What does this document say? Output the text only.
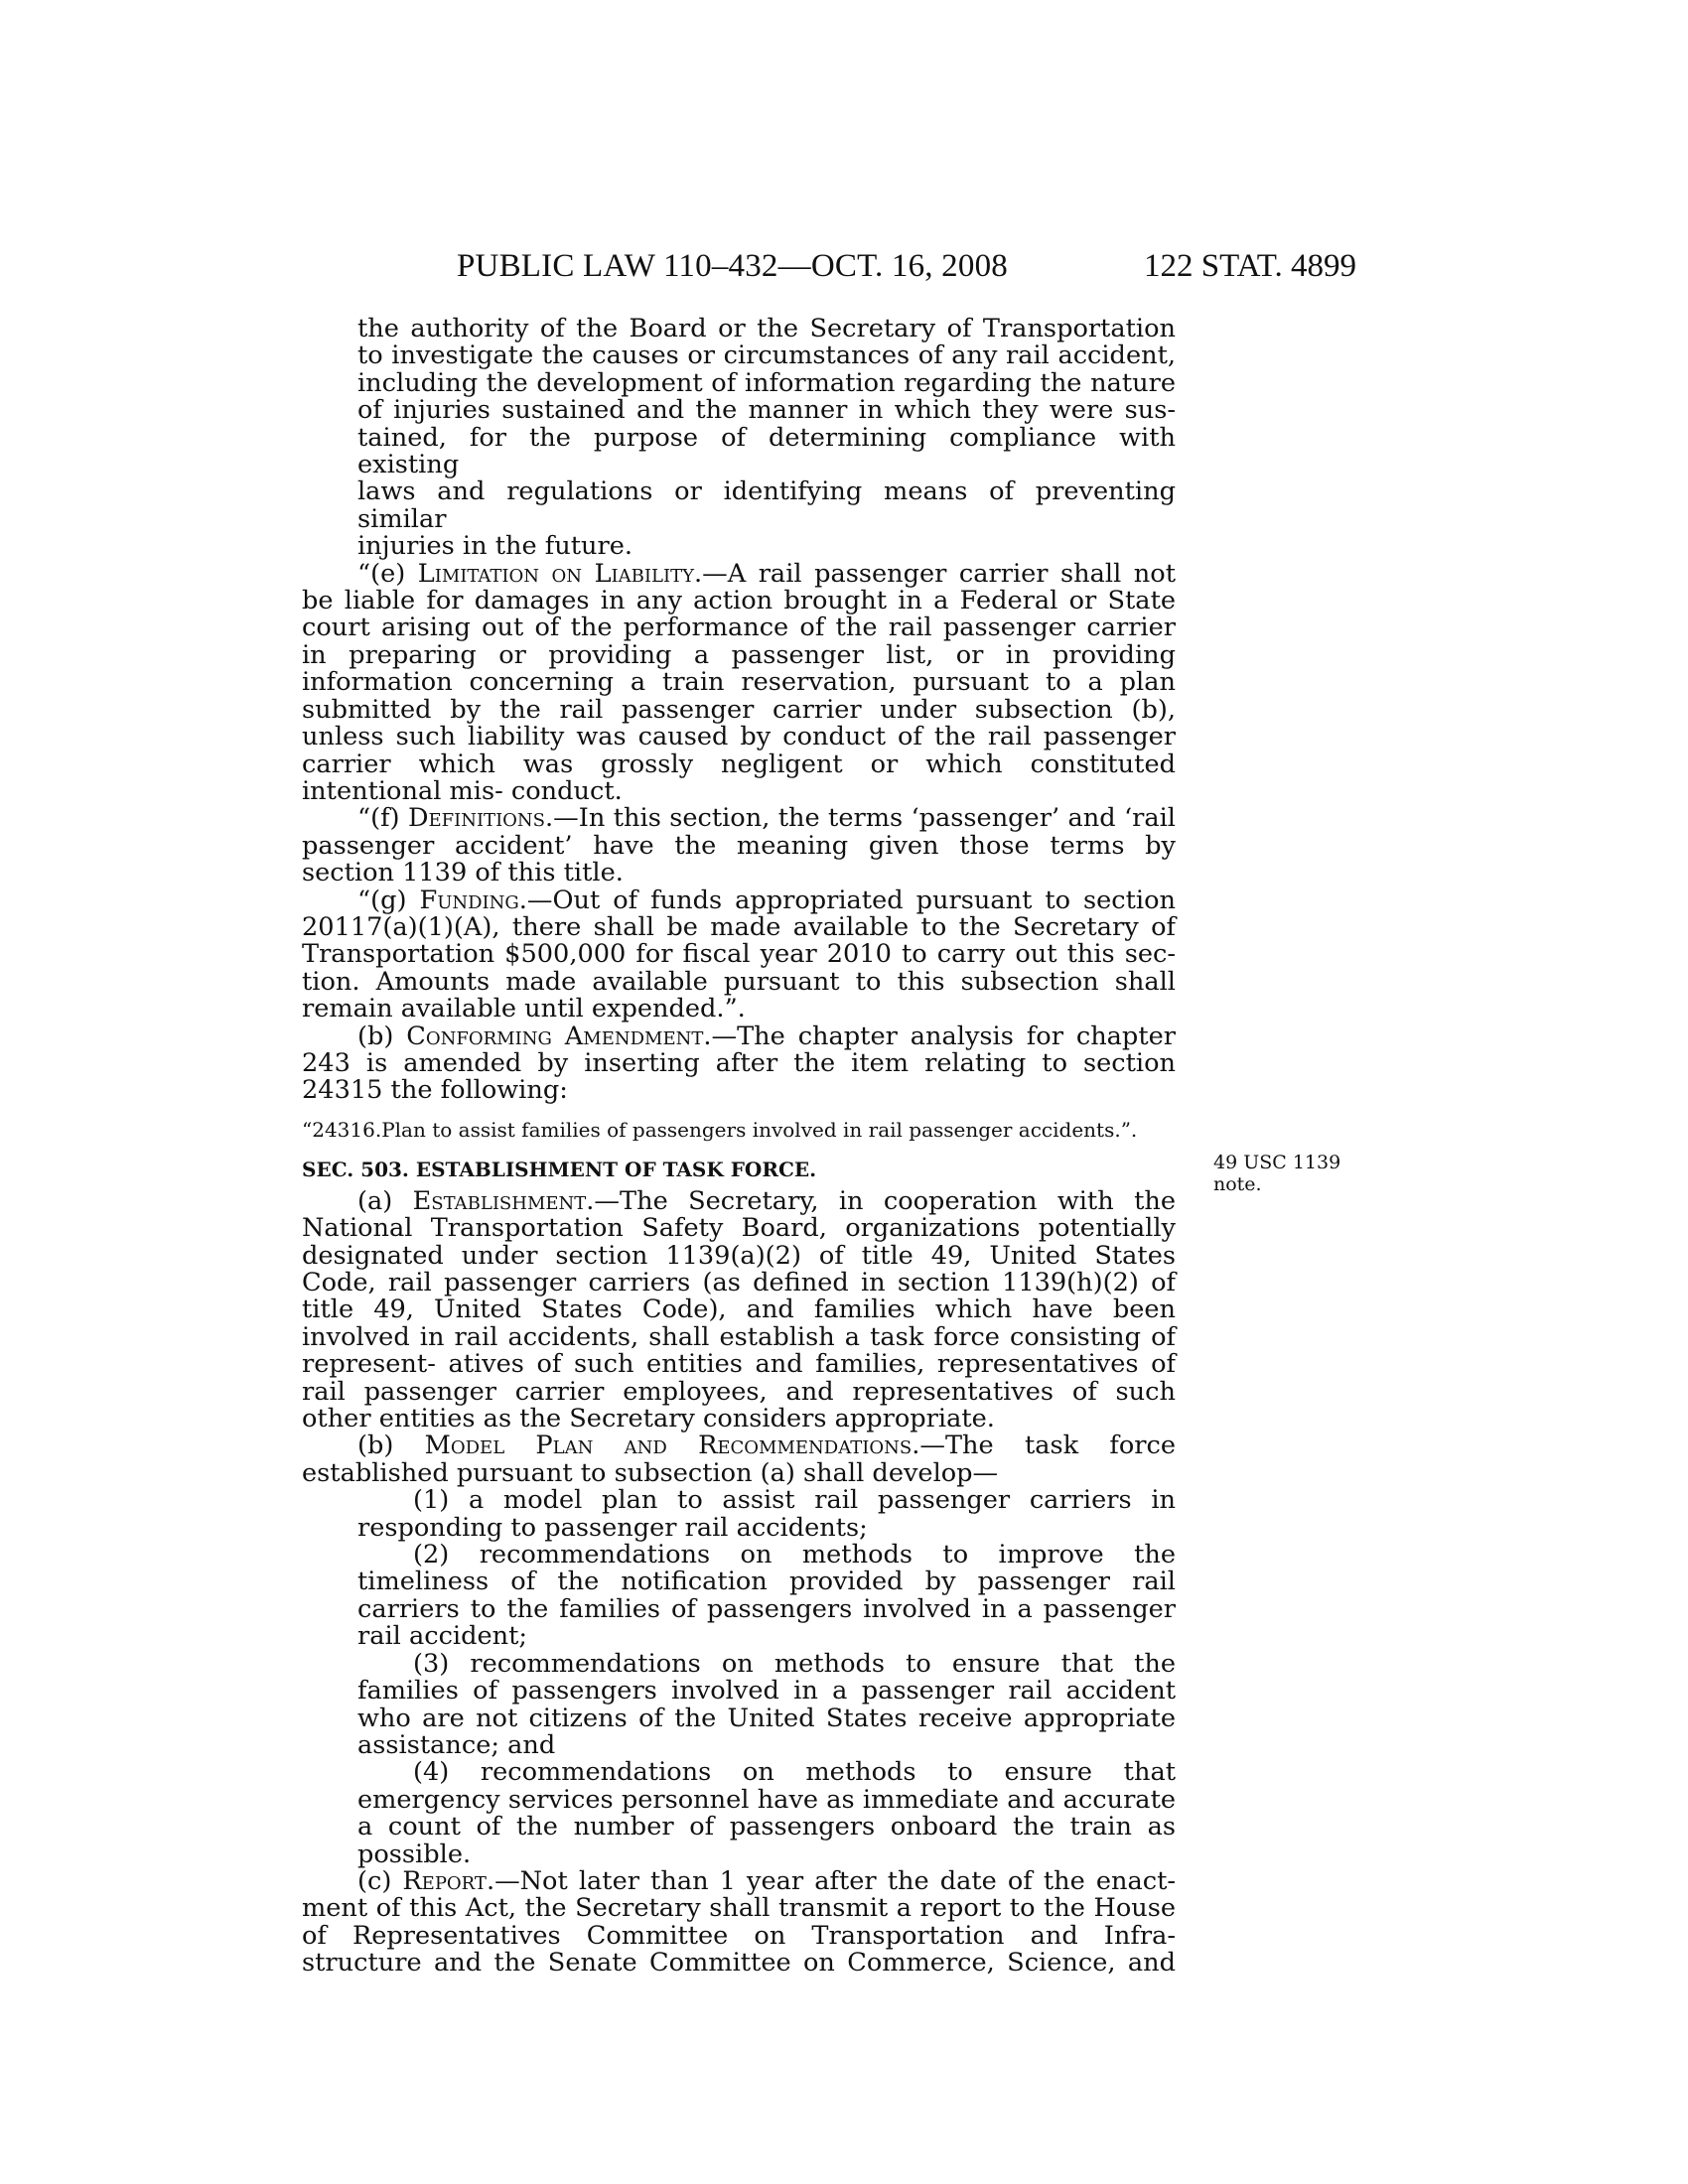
PUBLIC LAW 110–432—OCT. 16, 2008	122 STAT. 4899

the authority of the Board or the Secretary of Transportation

to investigate the causes or circumstances of any rail accident,

including the development of information regarding the nature

of injuries sustained and the manner in which they were sus-

tained, for the purpose of determining compliance with existing

laws and regulations or identifying means of preventing similar

injuries in the future.

“(e) Limitation on Liability.—A rail passenger carrier shall not be liable for damages in any action brought in a Federal or State court arising out of the performance of the rail passenger carrier in preparing or providing a passenger list, or in providing information concerning a train reservation, pursuant to a plan submitted by the rail passenger carrier under subsection (b), unless such liability was caused by conduct of the rail passenger carrier which was grossly negligent or which constituted intentional mis- conduct.

“(f) Definitions.—In this section, the terms ‘passenger’ and ‘rail passenger accident’ have the meaning given those terms by section 1139 of this title.

“(g) Funding.—Out of funds appropriated pursuant to section 20117(a)(1)(A), there shall be made available to the Secretary of Transportation $500,000 for fiscal year 2010 to carry out this sec- tion. Amounts made available pursuant to this subsection shall remain available until expended.”.

(b) Conforming Amendment.—The chapter analysis for chapter 243 is amended by inserting after the item relating to section 24315 the following:

“24316.Plan to assist families of passengers involved in rail passenger accidents.”.
SEC. 503. ESTABLISHMENT OF TASK FORCE.

(a) Establishment.—The Secretary, in cooperation with the National Transportation Safety Board, organizations potentially designated under section 1139(a)(2) of title 49, United States Code, rail passenger carriers (as defined in section 1139(h)(2) of title 49, United States Code), and families which have been involved in rail accidents, shall establish a task force consisting of represent- atives of such entities and families, representatives of rail passenger carrier employees, and representatives of such other entities as the Secretary considers appropriate.

(b) Model Plan and Recommendations.—The task force established pursuant to subsection (a) shall develop—

(1) a model plan to assist rail passenger carriers in responding to passenger rail accidents;

(2) recommendations on methods to improve the timeliness of the notification provided by passenger rail carriers to the families of passengers involved in a passenger rail accident;

(3) recommendations on methods to ensure that the families of passengers involved in a passenger rail accident who are not citizens of the United States receive appropriate assistance; and

(4) recommendations on methods to ensure that emergency services personnel have as immediate and accurate a count of the number of passengers onboard the train as possible.

(c) Report.—Not later than 1 year after the date of the enact- ment of this Act, the Secretary shall transmit a report to the House of Representatives Committee on Transportation and Infra- structure and the Senate Committee on Commerce, Science, and

49 USC 1139
note.
